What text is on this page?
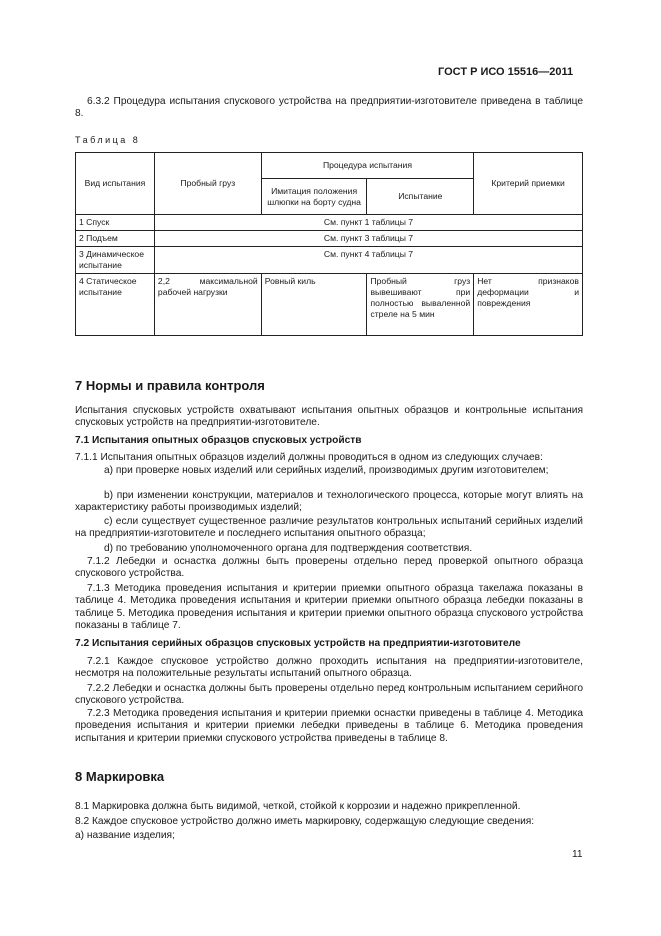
ГОСТ Р ИСО 15516—2011
6.3.2 Процедура испытания спускового устройства на предприятии-изготовителе приведена в таблице 8.
Таблица 8
Вид испытания	Пробный груз	Процедура испытания		Критерий приемки
		Имитация положения шлюпки на борту судна	Испытание	
1 Спуск	См. пункт 1 таблицы 7			
2 Подъем	См. пункт 3 таблицы 7			
3 Динамическое испытание	См. пункт 4 таблицы 7			
4 Статическое испытание	2,2 максимальной рабочей нагрузки	Ровный киль	Пробный груз вывешивают при полностью вываленной стреле на 5 мин	Нет признаков деформации и повреждения
7 Нормы и правила контроля
Испытания спусковых устройств охватывают испытания опытных образцов и контрольные испытания спусковых устройств на предприятии-изготовителе.
7.1 Испытания опытных образцов спусковых устройств
7.1.1 Испытания опытных образцов изделий должны проводиться в одном из следующих случаев:
а) при проверке новых изделий или серийных изделий, производимых другим изготовителем;
b) при изменении конструкции, материалов и технологического процесса, которые могут влиять на характеристику работы производимых изделий;
c) если существует существенное различие результатов контрольных испытаний серийных изделий на предприятии-изготовителе и последнего испытания опытного образца;
d) по требованию уполномоченного органа для подтверждения соответствия.
7.1.2 Лебедки и оснастка должны быть проверены отдельно перед проверкой опытного образца спускового устройства.
7.1.3 Методика проведения испытания и критерии приемки опытного образца такелажа показаны в таблице 4. Методика проведения испытания и критерии приемки опытного образца лебедки показаны в таблице 5. Методика проведения испытания и критерии приемки опытного образца спускового устройства показаны в таблице 7.
7.2 Испытания серийных образцов спусковых устройств на предприятии-изготовителе
7.2.1 Каждое спусковое устройство должно проходить испытания на предприятии-изготовителе, несмотря на положительные результаты испытаний опытного образца.
7.2.2 Лебедки и оснастка должны быть проверены отдельно перед контрольным испытанием серийного спускового устройства.
7.2.3 Методика проведения испытания и критерии приемки оснастки приведены в таблице 4. Методика проведения испытания и критерии приемки лебедки приведены в таблице 6. Методика проведения испытания и критерии приемки спускового устройства приведены в таблице 8.
8 Маркировка
8.1 Маркировка должна быть видимой, четкой, стойкой к коррозии и надежно прикрепленной.
8.2 Каждое спусковое устройство должно иметь маркировку, содержащую следующие сведения:
а) название изделия;
11
